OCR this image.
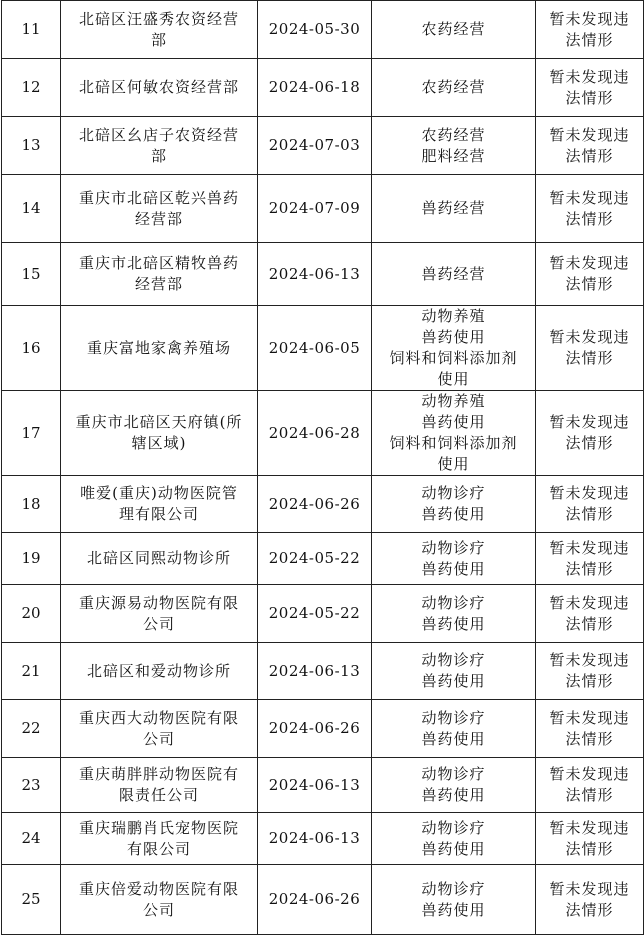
11	北碚区汪盛秀农资经营
部	2024-05-30	农药经营	暂未发现违
法情形

12	北碚区何敏农资经营部	2024-06-18	农药经营	暂未发现违
法情形

13	北碚区幺店子农资经营
部	2024-07-03	农药经营
肥料经营	暂未发现违
法情形

14	重庆市北碚区乾兴兽药
经营部	2024-07-09	兽药经营	暂未发现违
法情形

15	重庆市北碚区精牧兽药
经营部	2024-06-13	兽药经营	暂未发现违
法情形

16	重庆富地家禽养殖场	2024-06-05	动物养殖
兽药使用
饲料和饲料添加剂
使用	暂未发现违
法情形

17	重庆市北碚区天府镇(所
辖区域)	2024-06-28	动物养殖
兽药使用
饲料和饲料添加剂
使用	暂未发现违
法情形

18	唯爱(重庆)动物医院管
理有限公司	2024-06-26	动物诊疗
兽药使用	暂未发现违
法情形

19	北碚区同熙动物诊所	2024-05-22	动物诊疗
兽药使用	暂未发现违
法情形

20	重庆源易动物医院有限
公司	2024-05-22	动物诊疗
兽药使用	暂未发现违
法情形

21	北碚区和爱动物诊所	2024-06-13	动物诊疗
兽药使用	暂未发现违
法情形

22	重庆西大动物医院有限
公司	2024-06-26	动物诊疗
兽药使用	暂未发现违
法情形

23	重庆萌胖胖动物医院有
限责任公司	2024-06-13	动物诊疗
兽药使用	暂未发现违
法情形

24	重庆瑞鹏肖氏宠物医院
有限公司	2024-06-13	动物诊疗
兽药使用	暂未发现违
法情形

25	重庆倍爱动物医院有限
公司	2024-06-26	动物诊疗
兽药使用	暂未发现违
法情形
